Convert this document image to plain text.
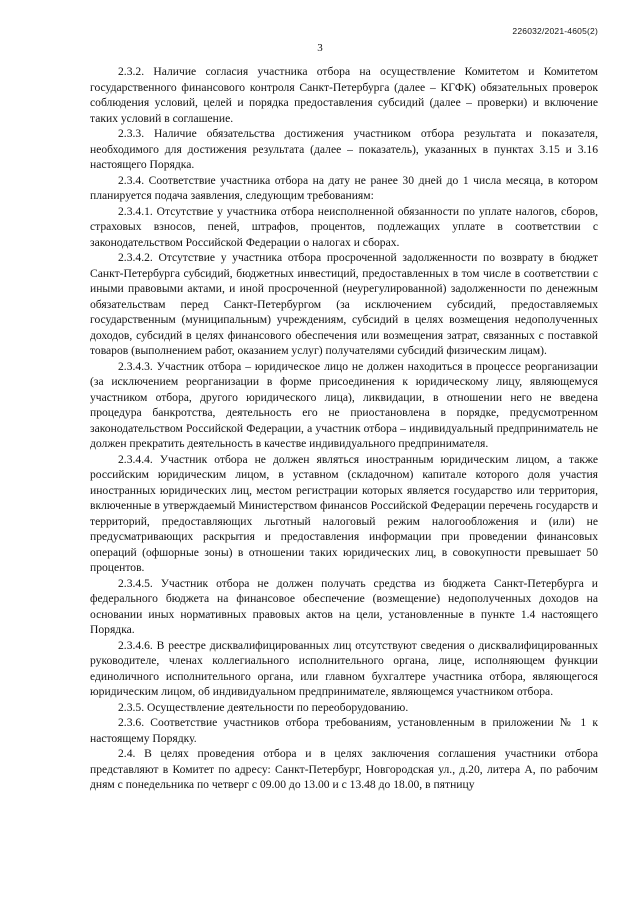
226032/2021-4605(2)
3

2.3.2. Наличие согласия участника отбора на осуществление Комитетом и Комитетом государственного финансового контроля Санкт-Петербурга (далее – КГФК) обязательных проверок соблюдения условий, целей и порядка предоставления субсидий (далее – проверки) и включение таких условий в соглашение.

2.3.3. Наличие обязательства достижения участником отбора результата и показателя, необходимого для достижения результата (далее – показатель), указанных в пунктах 3.15 и 3.16 настоящего Порядка.

2.3.4. Соответствие участника отбора на дату не ранее 30 дней до 1 числа месяца, в котором планируется подача заявления, следующим требованиям:

2.3.4.1. Отсутствие у участника отбора неисполненной обязанности по уплате налогов, сборов, страховых взносов, пеней, штрафов, процентов, подлежащих уплате в соответствии с законодательством Российской Федерации о налогах и сборах.

2.3.4.2. Отсутствие у участника отбора просроченной задолженности по возврату в бюджет Санкт-Петербурга субсидий, бюджетных инвестиций, предоставленных в том числе в соответствии с иными правовыми актами, и иной просроченной (неурегулированной) задолженности по денежным обязательствам перед Санкт-Петербургом (за исключением субсидий, предоставляемых государственным (муниципальным) учреждениям, субсидий в целях возмещения недополученных доходов, субсидий в целях финансового обеспечения или возмещения затрат, связанных с поставкой товаров (выполнением работ, оказанием услуг) получателями субсидий физическим лицам).

2.3.4.3. Участник отбора – юридическое лицо не должен находиться в процессе реорганизации (за исключением реорганизации в форме присоединения к юридическому лицу, являющемуся участником отбора, другого юридического лица), ликвидации, в отношении него не введена процедура банкротства, деятельность его не приостановлена в порядке, предусмотренном законодательством Российской Федерации, а участник отбора – индивидуальный предприниматель не должен прекратить деятельность в качестве индивидуального предпринимателя.

2.3.4.4. Участник отбора не должен являться иностранным юридическим лицом, а также российским юридическим лицом, в уставном (складочном) капитале которого доля участия иностранных юридических лиц, местом регистрации которых является государство или территория, включенные в утверждаемый Министерством финансов Российской Федерации перечень государств и территорий, предоставляющих льготный налоговый режим налогообложения и (или) не предусматривающих раскрытия и предоставления информации при проведении финансовых операций (офшорные зоны) в отношении таких юридических лиц, в совокупности превышает 50 процентов.

2.3.4.5. Участник отбора не должен получать средства из бюджета Санкт-Петербурга и федерального бюджета на финансовое обеспечение (возмещение) недополученных доходов на основании иных нормативных правовых актов на цели, установленные в пункте 1.4 настоящего Порядка.

2.3.4.6. В реестре дисквалифицированных лиц отсутствуют сведения о дисквалифицированных руководителе, членах коллегиального исполнительного органа, лице, исполняющем функции единоличного исполнительного органа, или главном бухгалтере участника отбора, являющегося юридическим лицом, об индивидуальном предпринимателе, являющемся участником отбора.

2.3.5. Осуществление деятельности по переоборудованию.

2.3.6. Соответствие участников отбора требованиям, установленным в приложении № 1 к настоящему Порядку.

2.4. В целях проведения отбора и в целях заключения соглашения участники отбора представляют в Комитет по адресу: Санкт-Петербург, Новгородская ул., д.20, литера А, по рабочим дням с понедельника по четверг с 09.00 до 13.00 и с 13.48 до 18.00, в пятницу
